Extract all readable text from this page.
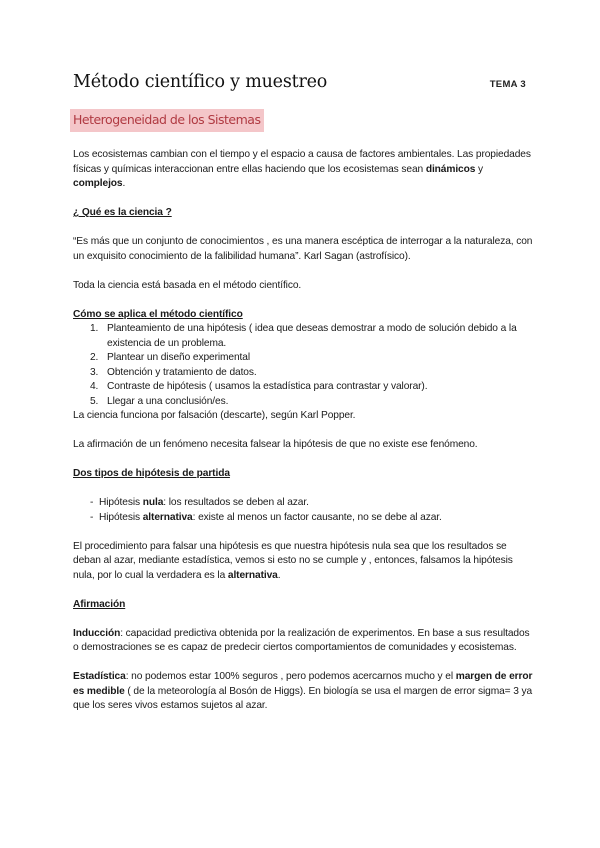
Método científico y muestreo	TEMA 3
Heterogeneidad de los Sistemas

Los ecosistemas cambian con el tiempo y el espacio a causa de factores ambientales. Las propiedades físicas y químicas interaccionan entre ellas haciendo que los ecosistemas sean dinámicos y complejos.

¿ Qué es la ciencia ?

“Es más que un conjunto de conocimientos , es una manera escéptica de interrogar a la naturaleza, con un exquisito conocimiento de la falibilidad humana”. Karl Sagan (astrofísico).

Toda la ciencia está basada en el método científico.

Cómo se aplica el método científico

1. Planteamiento de una hipótesis ( idea que deseas demostrar a modo de solución debido a la existencia de un problema.
2. Plantear un diseño experimental
3. Obtención y tratamiento de datos.
4. Contraste de hipótesis ( usamos la estadística para contrastar y valorar).
5. Llegar a una conclusión/es.

La ciencia funciona por falsación (descarte), según Karl Popper.

La afirmación de un fenómeno necesita falsear la hipótesis de que no existe ese fenómeno.

Dos tipos de hipótesis de partida

- Hipótesis nula: los resultados se deben al azar.
- Hipótesis alternativa: existe al menos un factor causante, no se debe al azar.

El procedimiento para falsar una hipótesis es que nuestra hipótesis nula sea que los resultados se deban al azar, mediante estadística, vemos si esto no se cumple y , entonces, falsamos la hipótesis nula, por lo cual la verdadera es la alternativa.

Afirmación

Inducción: capacidad predictiva obtenida por la realización de experimentos. En base a sus resultados o demostraciones se es capaz de predecir ciertos comportamientos de comunidades y ecosistemas.

Estadística: no podemos estar 100% seguros , pero podemos acercarnos mucho y el margen de error es medible ( de la meteorología al Bosón de Higgs). En biología se usa el margen de error sigma= 3 ya que los seres vivos estamos sujetos al azar.
